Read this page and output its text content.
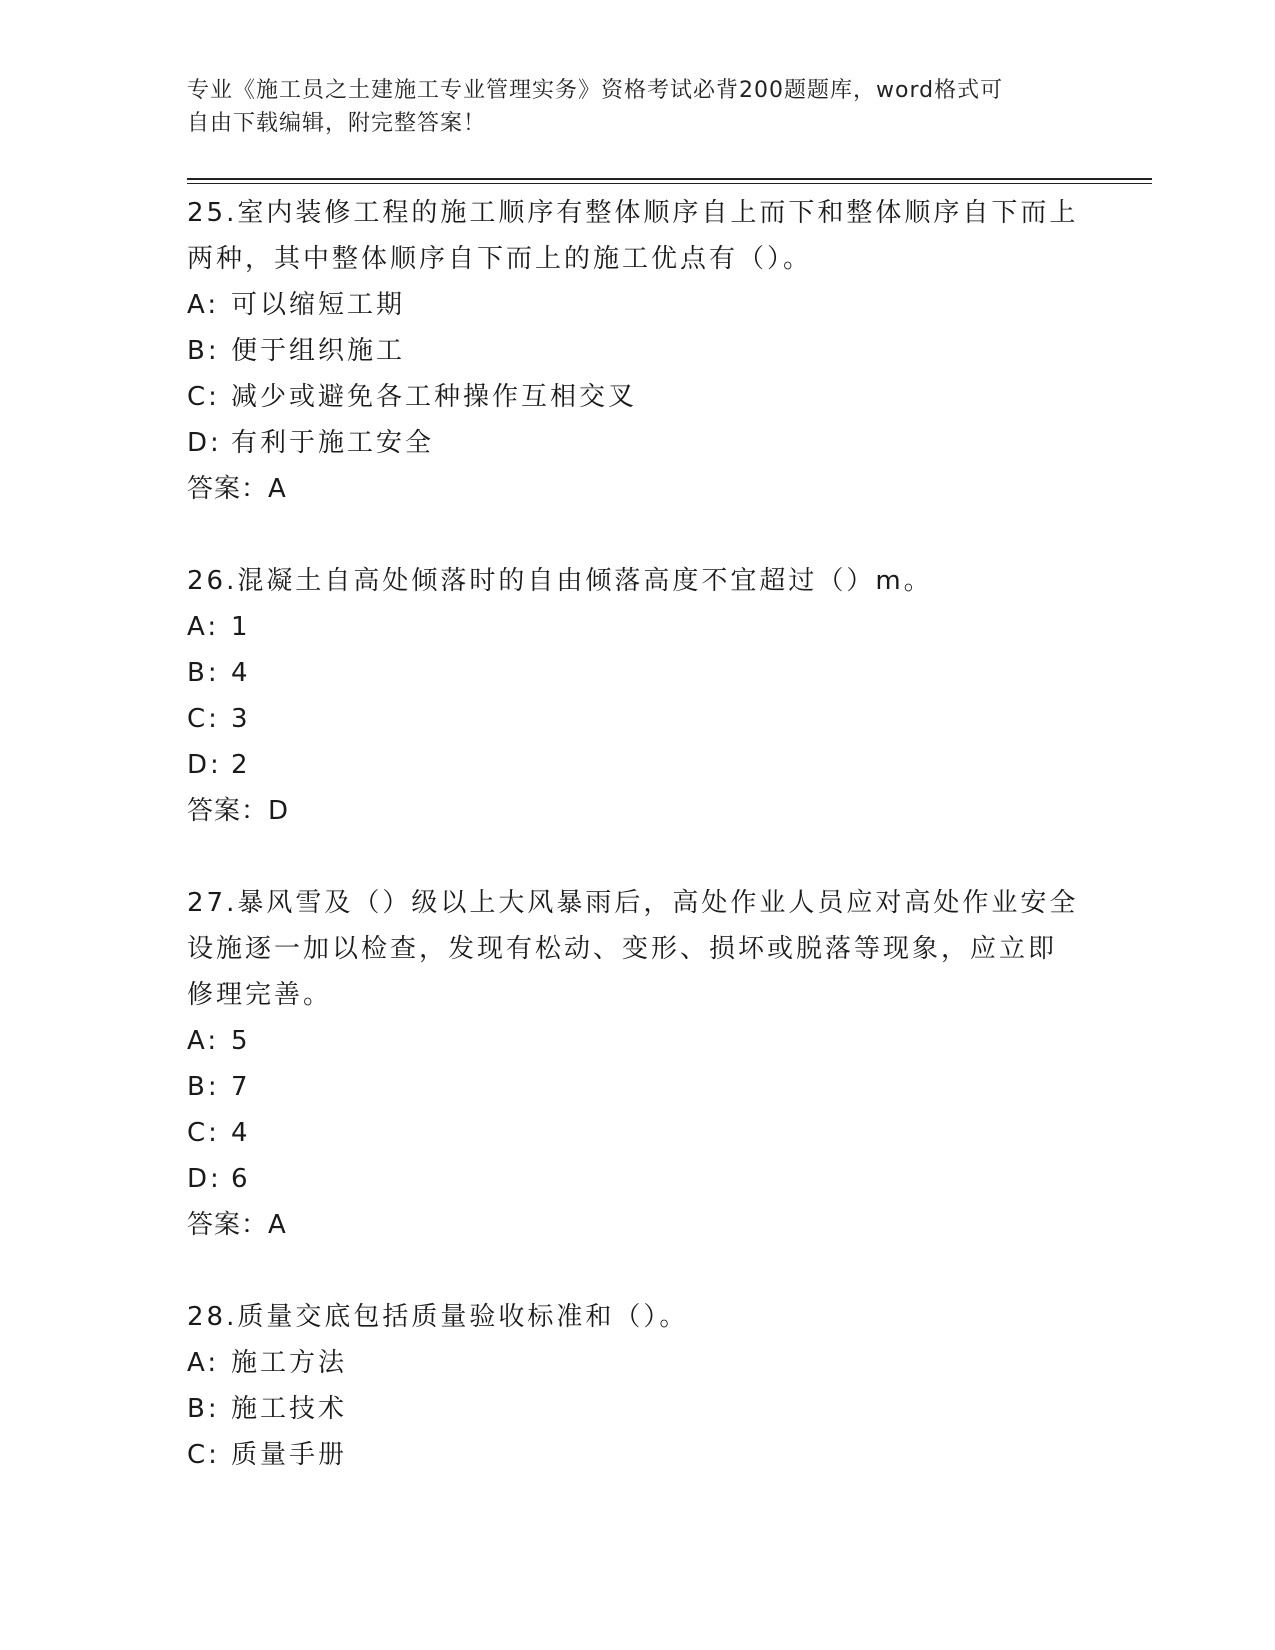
专业《施工员之土建施工专业管理实务》资格考试必背200题题库，word格式可
自由下载编辑，附完整答案！
25.室内装修工程的施工顺序有整体顺序自上而下和整体顺序自下而上
两种，其中整体顺序自下而上的施工优点有（）。
A: 可以缩短工期
B: 便于组织施工
C: 减少或避免各工种操作互相交叉
D: 有利于施工安全
答案：A
26.混凝土自高处倾落时的自由倾落高度不宜超过（）m。
A: 1
B: 4
C: 3
D: 2
答案：D
27.暴风雪及（）级以上大风暴雨后，高处作业人员应对高处作业安全
设施逐一加以检查，发现有松动、变形、损坏或脱落等现象，应立即
修理完善。
A: 5
B: 7
C: 4
D: 6
答案：A
28.质量交底包括质量验收标准和（）。
A: 施工方法
B: 施工技术
C: 质量手册
